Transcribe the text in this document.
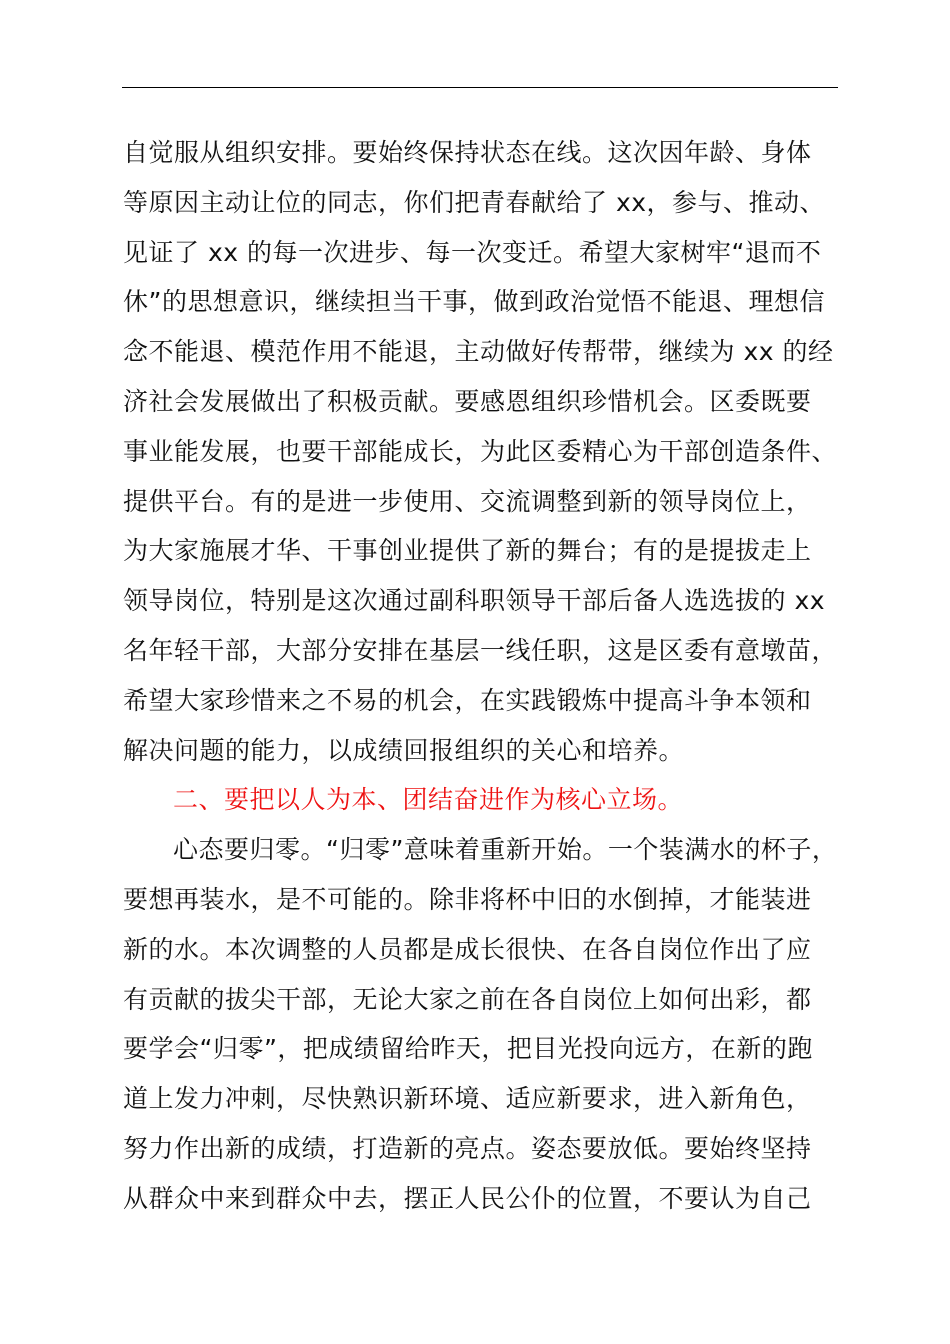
自觉服从组织安排。要始终保持状态在线。这次因年龄、身体
等原因主动让位的同志，你们把青春献给了 xx，参与、推动、
见证了 xx 的每一次进步、每一次变迁。希望大家树牢“退而不
休”的思想意识，继续担当干事，做到政治觉悟不能退、理想信
念不能退、模范作用不能退，主动做好传帮带，继续为 xx 的经
济社会发展做出了积极贡献。要感恩组织珍惜机会。区委既要
事业能发展，也要干部能成长，为此区委精心为干部创造条件、
提供平台。有的是进一步使用、交流调整到新的领导岗位上，
为大家施展才华、干事创业提供了新的舞台；有的是提拔走上
领导岗位，特别是这次通过副科职领导干部后备人选选拔的 xx
名年轻干部，大部分安排在基层一线任职，这是区委有意墩苗，
希望大家珍惜来之不易的机会，在实践锻炼中提高斗争本领和
解决问题的能力，以成绩回报组织的关心和培养。
二、要把以人为本、团结奋进作为核心立场。
心态要归零。“归零”意味着重新开始。一个装满水的杯子，
要想再装水，是不可能的。除非将杯中旧的水倒掉，才能装进
新的水。本次调整的人员都是成长很快、在各自岗位作出了应
有贡献的拔尖干部，无论大家之前在各自岗位上如何出彩，都
要学会“归零”，把成绩留给昨天，把目光投向远方，在新的跑
道上发力冲刺，尽快熟识新环境、适应新要求，进入新角色，
努力作出新的成绩，打造新的亮点。姿态要放低。要始终坚持
从群众中来到群众中去，摆正人民公仆的位置，不要认为自己
